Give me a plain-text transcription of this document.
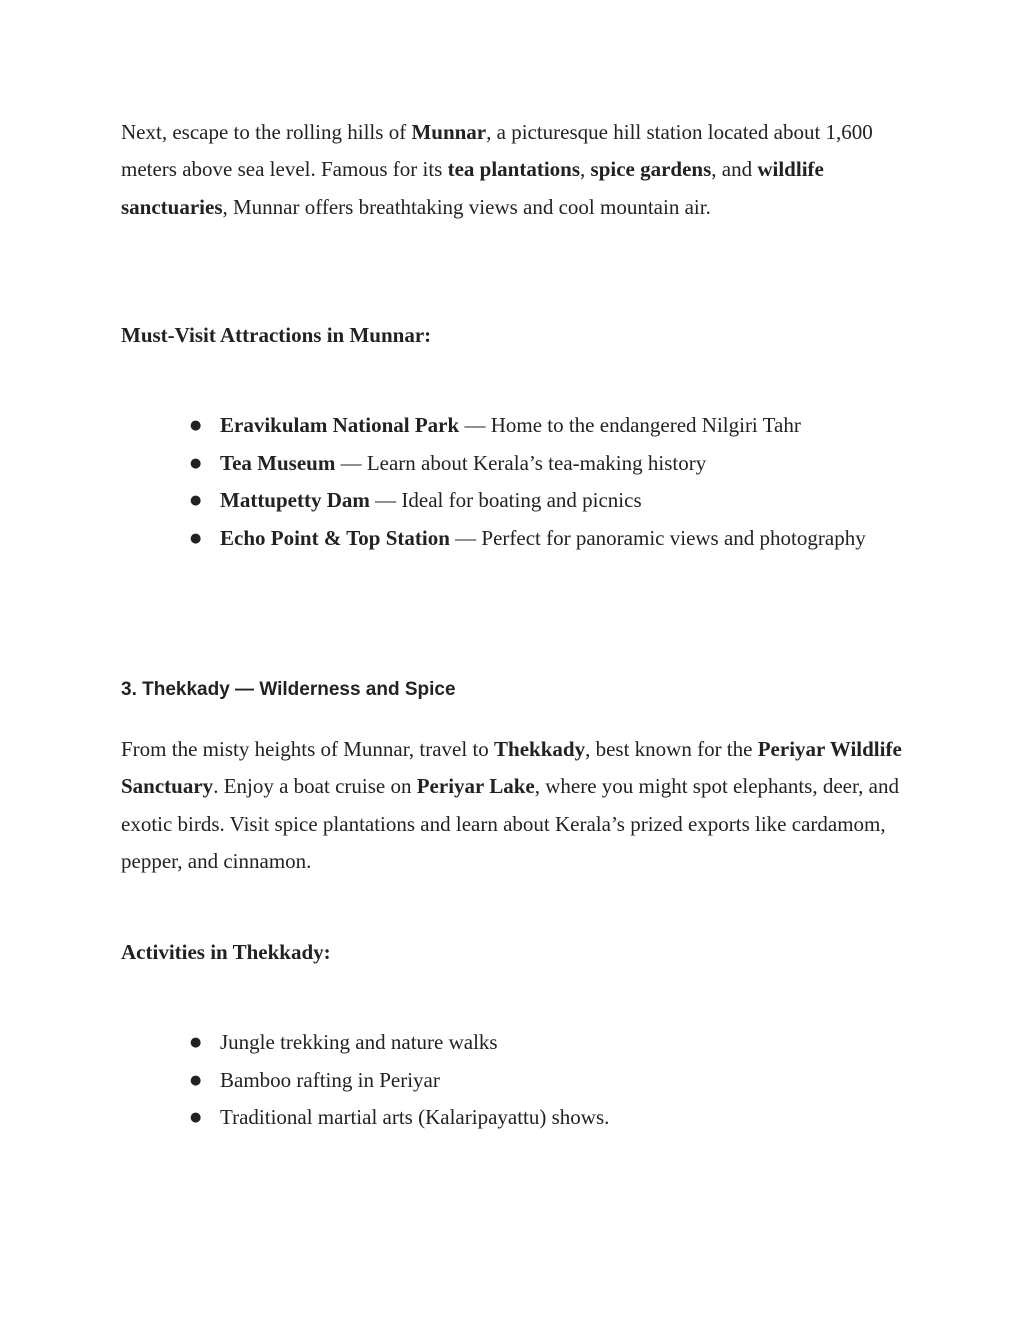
Next, escape to the rolling hills of Munnar, a picturesque hill station located about 1,600 meters above sea level. Famous for its tea plantations, spice gardens, and wildlife sanctuaries, Munnar offers breathtaking views and cool mountain air.

Must-Visit Attractions in Munnar:

● Eravikulam National Park — Home to the endangered Nilgiri Tahr
● Tea Museum — Learn about Kerala’s tea-making history
● Mattupetty Dam — Ideal for boating and picnics
● Echo Point & Top Station — Perfect for panoramic views and photography
3. Thekkady — Wilderness and Spice

From the misty heights of Munnar, travel to Thekkady, best known for the Periyar Wildlife Sanctuary. Enjoy a boat cruise on Periyar Lake, where you might spot elephants, deer, and exotic birds. Visit spice plantations and learn about Kerala’s prized exports like cardamom, pepper, and cinnamon.

Activities in Thekkady:

● Jungle trekking and nature walks
● Bamboo rafting in Periyar
● Traditional martial arts (Kalaripayattu) shows.
